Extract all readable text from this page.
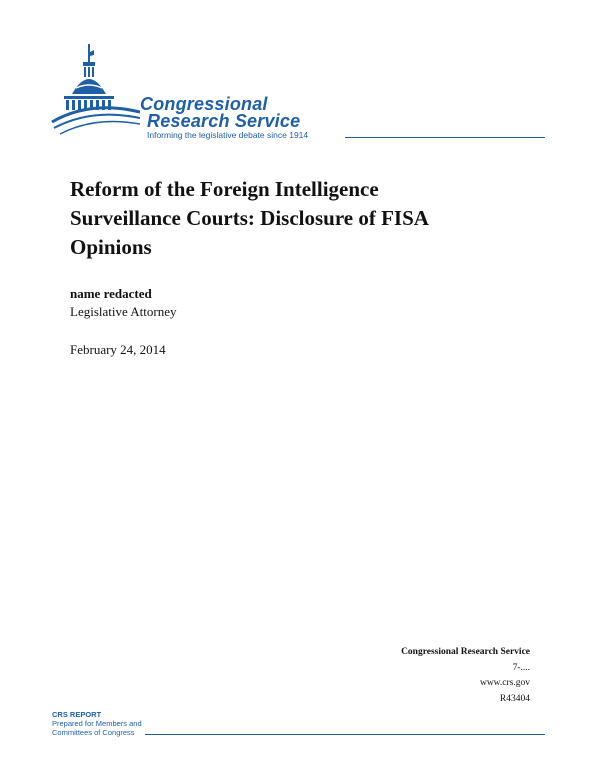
Congressional
Research Service
Informing the legislative debate since 1914
Reform of the Foreign Intelligence Surveillance Courts: Disclosure of FISA Opinions
name redacted
Legislative Attorney
February 24, 2014
Congressional Research Service
7-....
www.crs.gov
R43404
CRS REPORT
Prepared for Members and
Committees of Congress
